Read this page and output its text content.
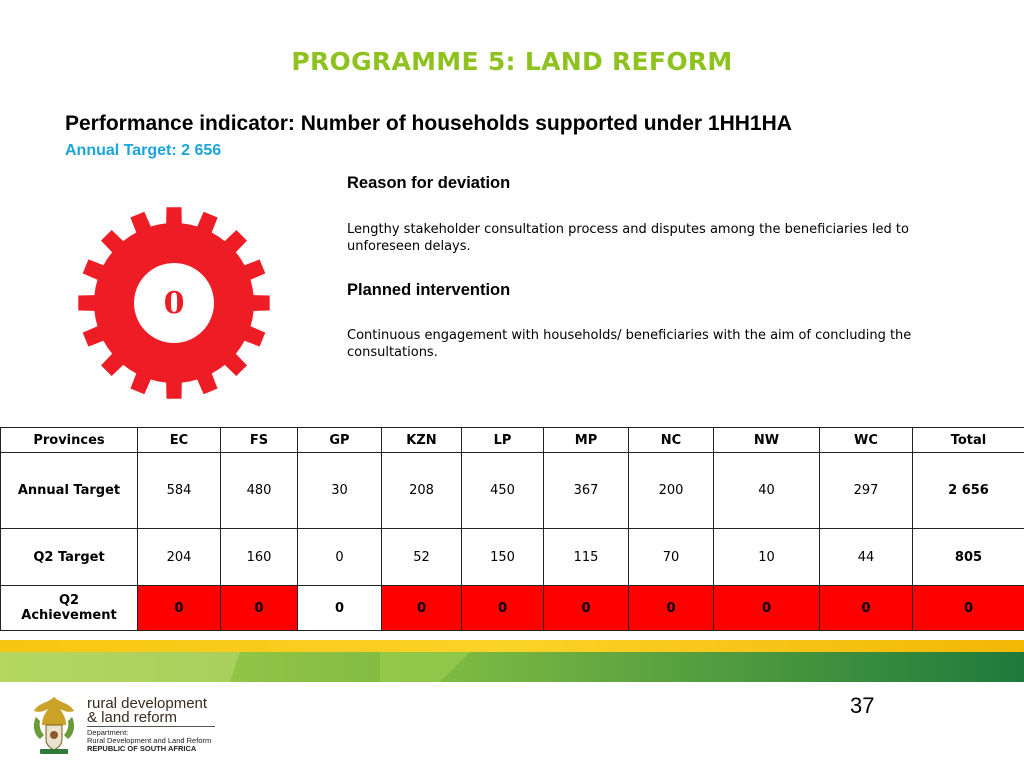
PROGRAMME 5: LAND REFORM
Performance indicator: Number of households supported under 1HH1HA
Annual Target: 2 656
0
Reason for deviation

Lengthy stakeholder consultation process and disputes among the beneficiaries led to unforeseen delays.

Planned intervention

Continuous engagement with households/ beneficiaries with the aim of concluding the consultations.

Provinces	EC	FS	GP	KZN	LP	MP	NC	NW	WC	Total
Annual Target	584	480	30	208	450	367	200	40	297	2 656
Q2 Target	204	160	0	52	150	115	70	10	44	805
Q2
Achievement	0	0	0	0	0	0	0	0	0	0
37
rural development
& land reform
Department:
Rural Development and Land Reform
REPUBLIC OF SOUTH AFRICA
